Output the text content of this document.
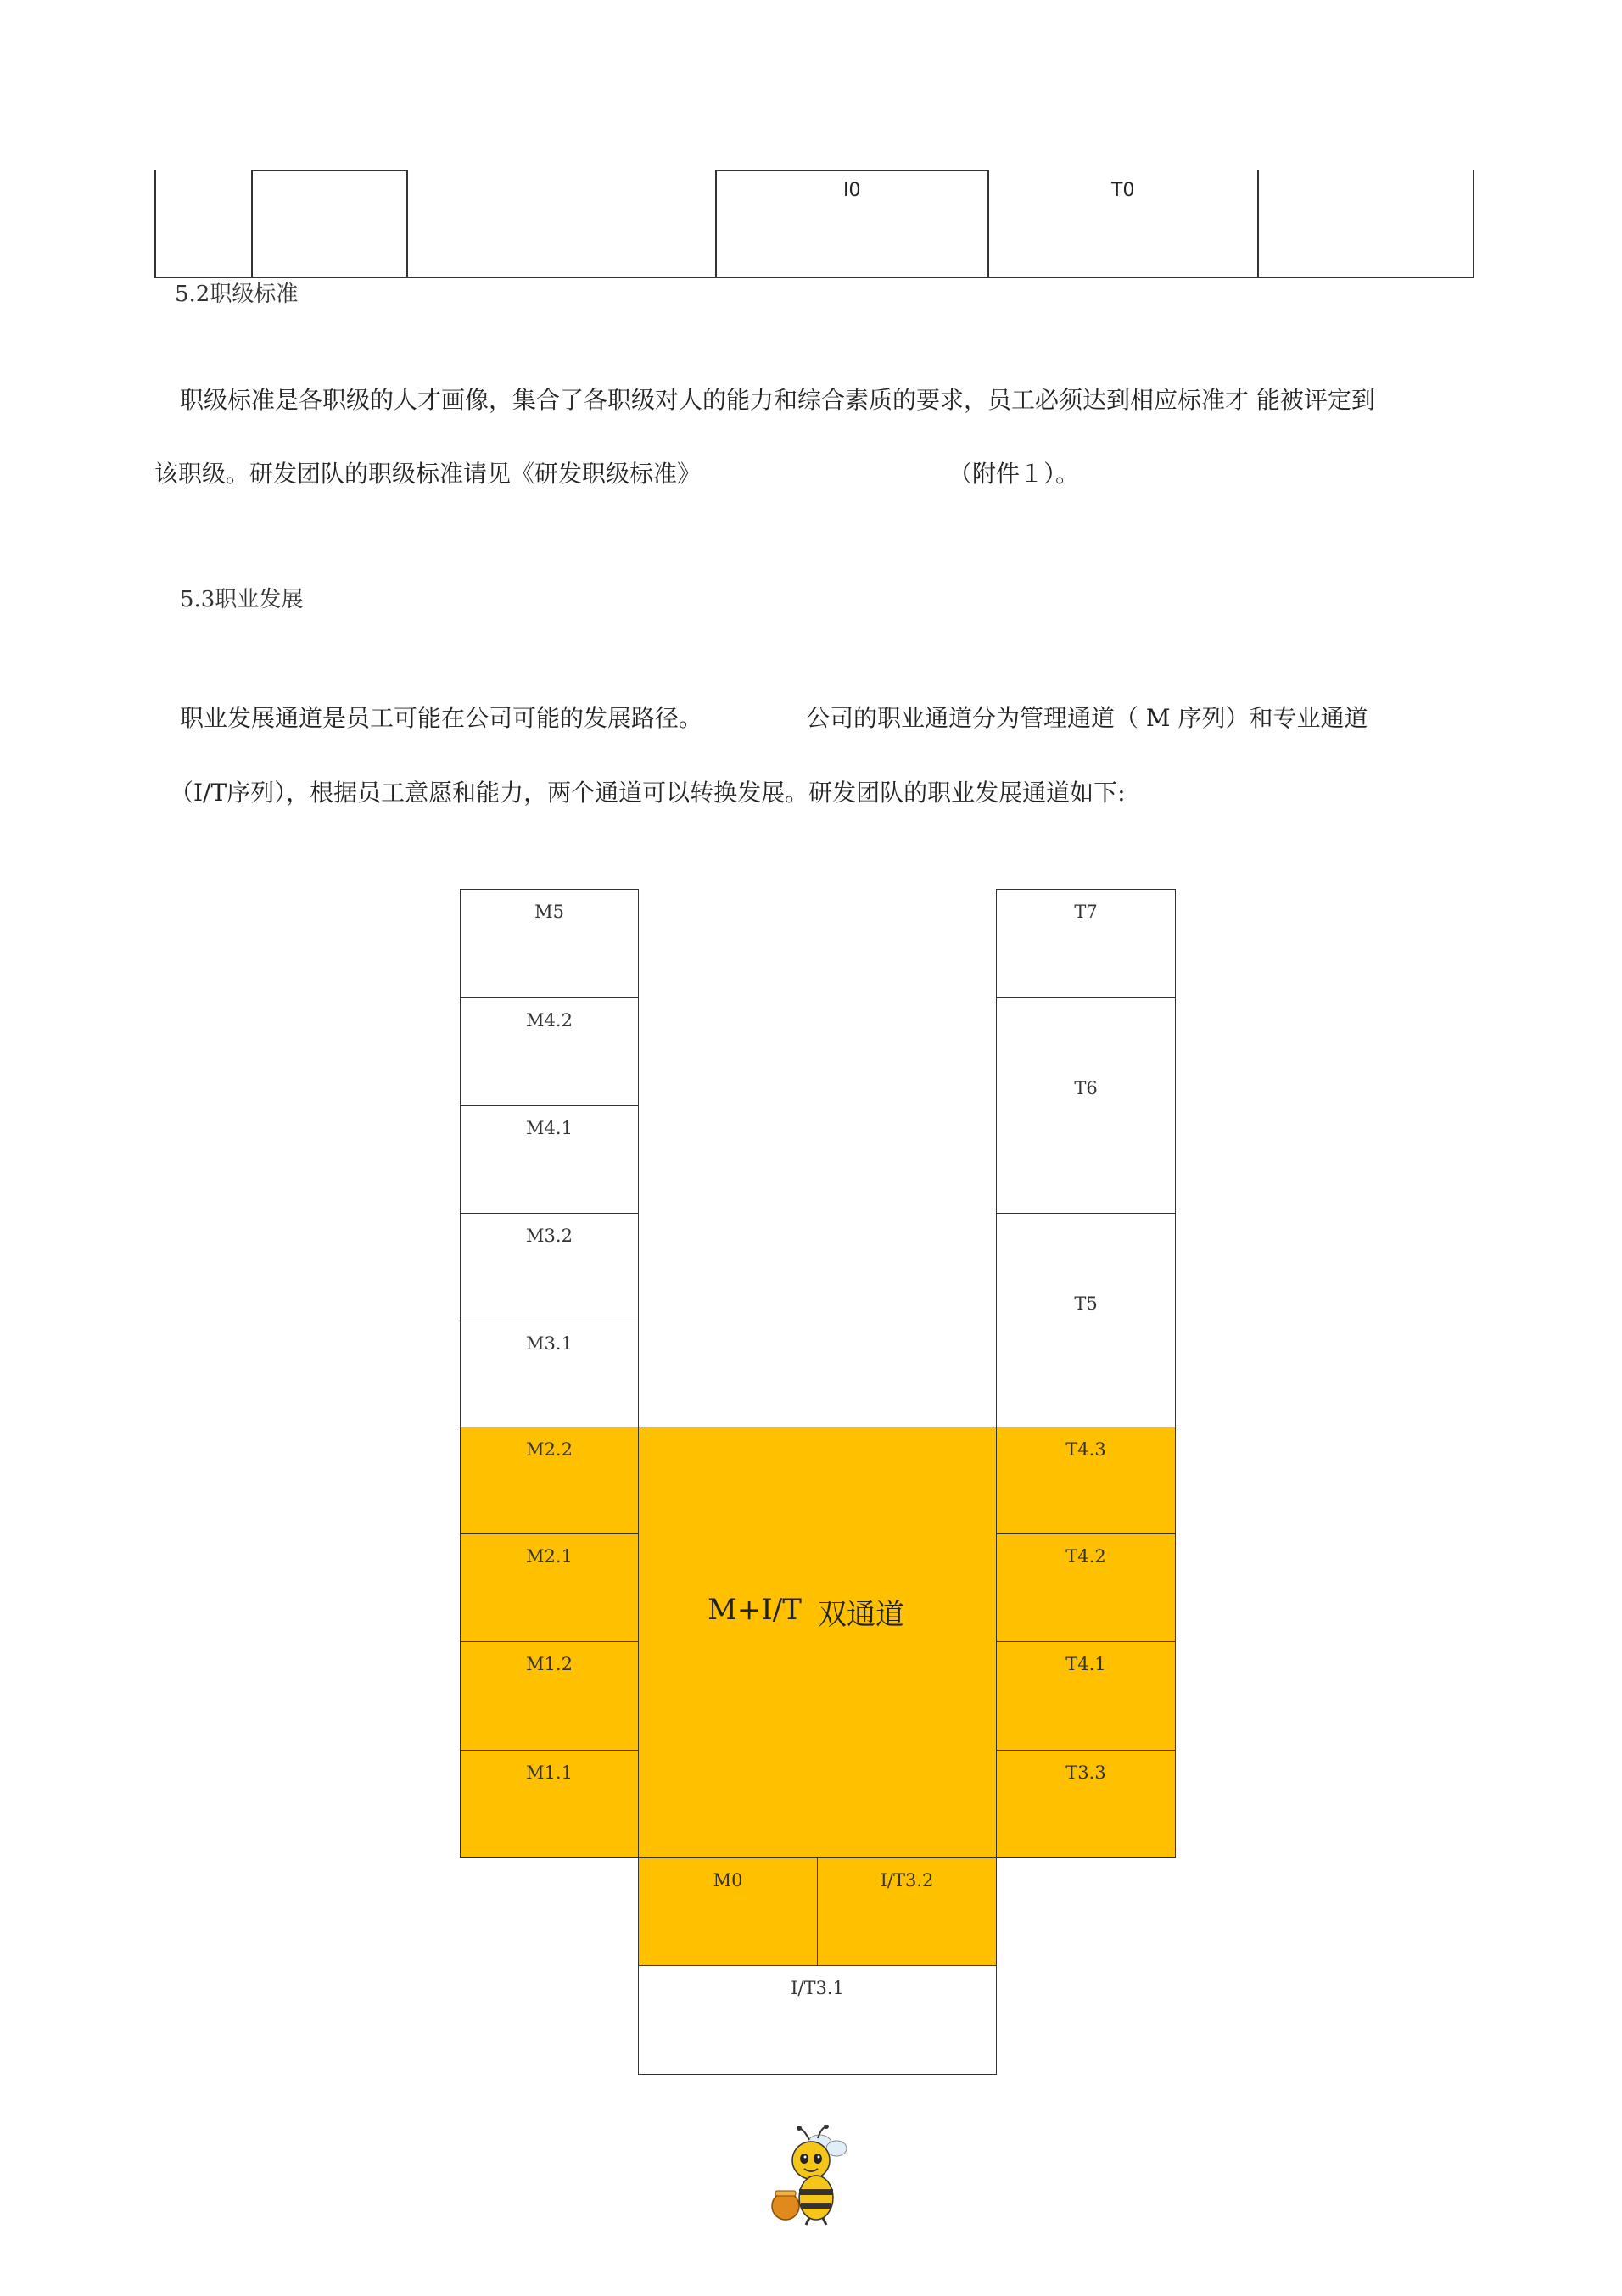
I0	T0
5.2职级标准
职级标准是各职级的人才画像，集合了各职级对人的能力和综合素质的要求，员工必须达到相应标准才 能被评定到
该职级。研发团队的职级标准请见《研发职级标准》	（附件１）。
5.3职业发展
职业发展通道是员工可能在公司可能的发展路径。	公司的职业通道分为管理通道（ M 序列）和专业通道
（I/T序列），根据员工意愿和能力，两个通道可以转换发展。研发团队的职业发展通道如下:
M5
M4.2
M4.1
M3.2
M3.1
M2.2
M2.1
M1.2
M1.1
T7
T6
T5
T4.3
T4.2
T4.1
T3.3
M+I/T 双通道
M0	I/T3.2
I/T3.1
